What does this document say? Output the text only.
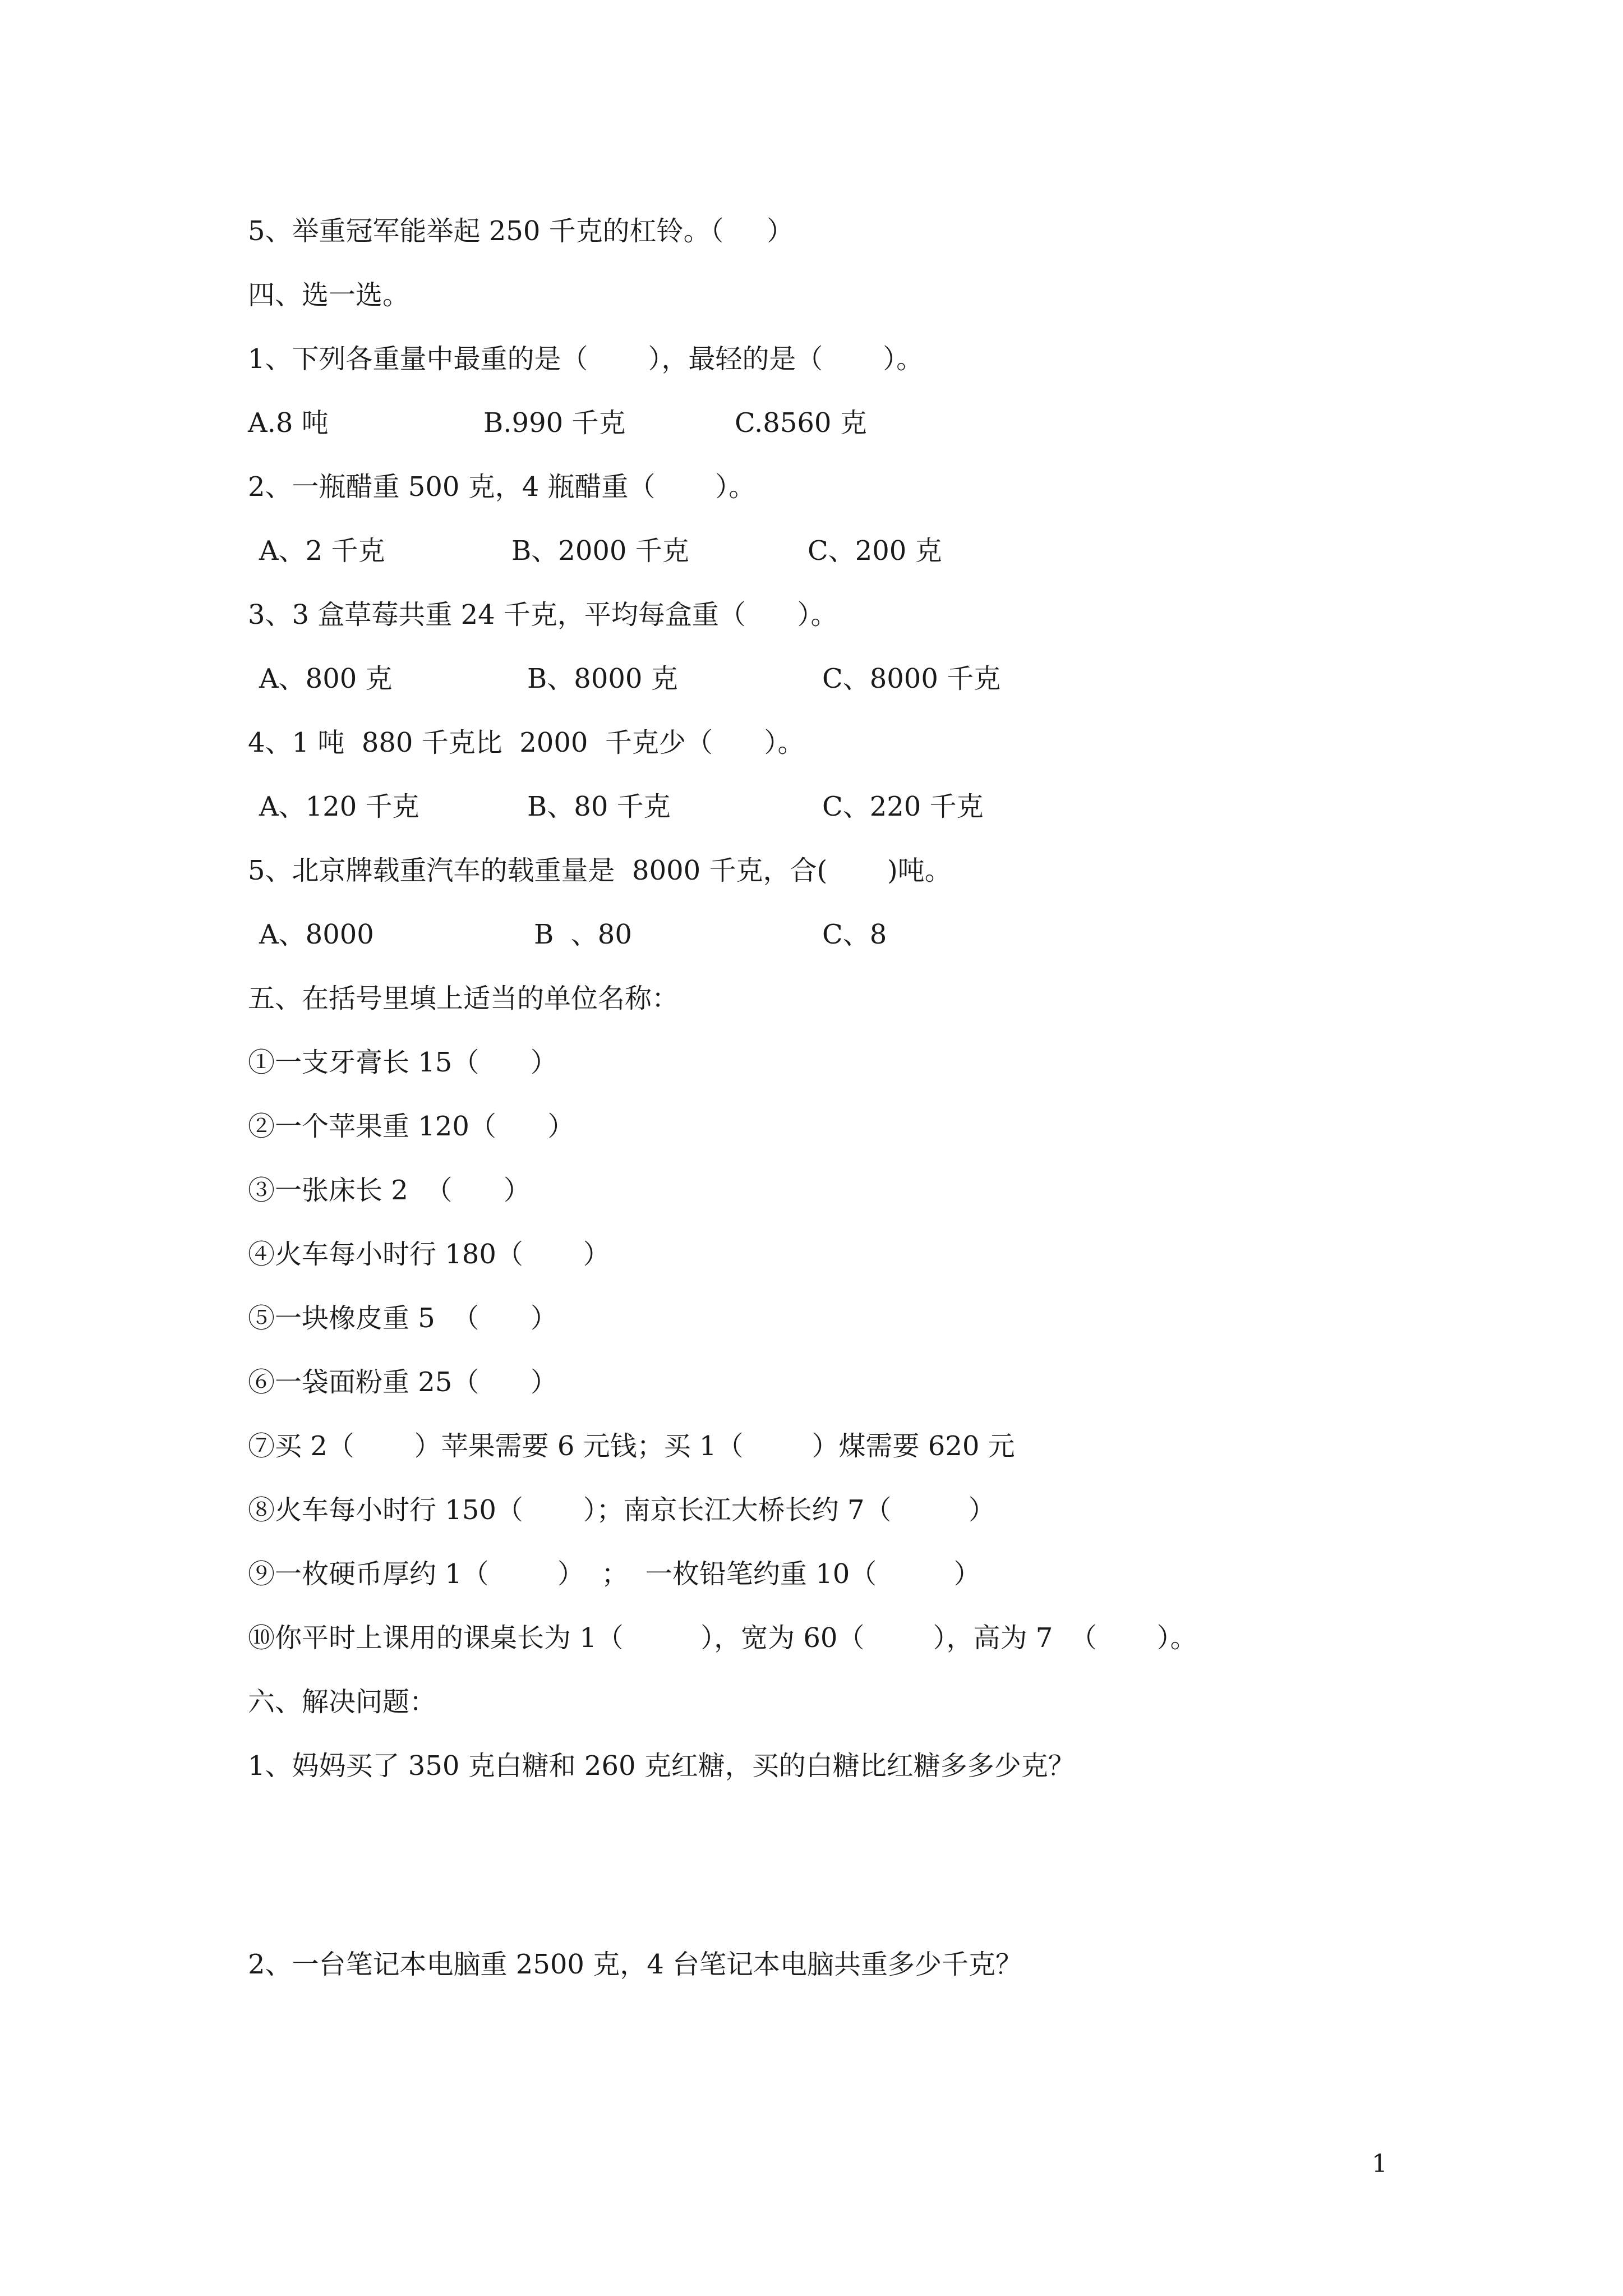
5、举重冠军能举起 250 千克的杠铃。（     ）
四、选一选。
1、下列各重量中最重的是（       ），最轻的是（       ）。
A.8 吨	B.990 千克	C.8560 克
2、一瓶醋重 500 克，4 瓶醋重（       ）。
A、2 千克	B、2000 千克	C、200 克
3、3 盒草莓共重 24 千克，平均每盒重（      ）。
A、800 克	B、8000 克	C、8000 千克
4、1 吨  880 千克比  2000  千克少（      ）。
A、120 千克	B、80 千克	C、220 千克
5、北京牌载重汽车的载重量是  8000 千克，合(       )吨。
A、8000	B  、80	C、8
五、在括号里填上适当的单位名称：
①一支牙膏长 15（      ）
②一个苹果重 120（      ）
③一张床长 2  （      ）
④火车每小时行 180（       ）
⑤一块橡皮重 5  （      ）
⑥一袋面粉重 25（      ）
⑦买 2（       ）苹果需要 6 元钱；买 1（        ）煤需要 620 元
⑧火车每小时行 150（       ）；南京长江大桥长约 7（         ）
⑨一枚硬币厚约 1（        ）  ；  一枚铅笔约重 10（         ）
⑩你平时上课用的课桌长为 1（         ），宽为 60（        ），高为 7  （       ）。
六、解决问题：
1、妈妈买了 350 克白糖和 260 克红糖，买的白糖比红糖多多少克？
2、一台笔记本电脑重 2500 克，4 台笔记本电脑共重多少千克？
1
